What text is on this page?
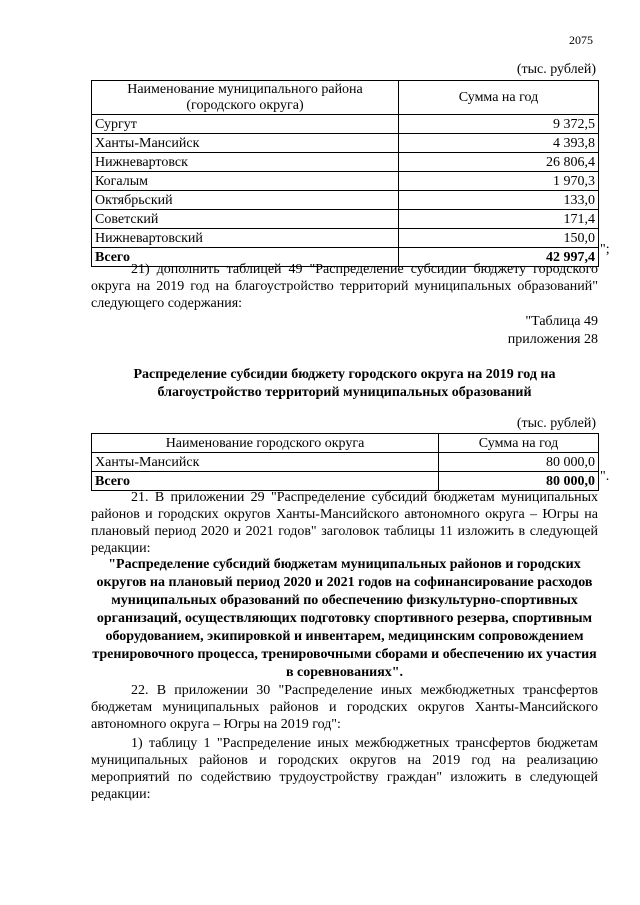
2075
(тыс. рублей)
Наименование муниципального района (городского округа)	Сумма на год
Сургут	9 372,5
Ханты-Мансийск	4 393,8
Нижневартовск	26 806,4
Когалым	1 970,3
Октябрьский	133,0
Советский	171,4
Нижневартовский	150,0
Всего	42 997,4 ";
21) дополнить таблицей 49 "Распределение субсидии бюджету городского округа на 2019 год на благоустройство территорий муниципальных образований" следующего содержания:
"Таблица 49
приложения 28
Распределение субсидии бюджету городского округа на 2019 год на благоустройство территорий муниципальных образований
(тыс. рублей)
Наименование городского округа	Сумма на год
Ханты-Мансийск	80 000,0
Всего	80 000,0 ".
21. В приложении 29 "Распределение субсидий бюджетам муниципальных районов и городских округов Ханты-Мансийского автономного округа – Югры на плановый период 2020 и 2021 годов" заголовок таблицы 11 изложить в следующей редакции:
"Распределение субсидий бюджетам муниципальных районов и городских округов на плановый период 2020 и 2021 годов на софинансирование расходов муниципальных образований по обеспечению физкультурно-спортивных организаций, осуществляющих подготовку спортивного резерва, спортивным оборудованием, экипировкой и инвентарем, медицинским сопровождением тренировочного процесса, тренировочными сборами и обеспечению их участия в соревнованиях".
22. В приложении 30 "Распределение иных межбюджетных трансфертов бюджетам муниципальных районов и городских округов Ханты-Мансийского автономного округа – Югры на 2019 год":
1) таблицу 1 "Распределение иных межбюджетных трансфертов бюджетам муниципальных районов и городских округов на 2019 год на реализацию мероприятий по содействию трудоустройству граждан" изложить в следующей редакции:
